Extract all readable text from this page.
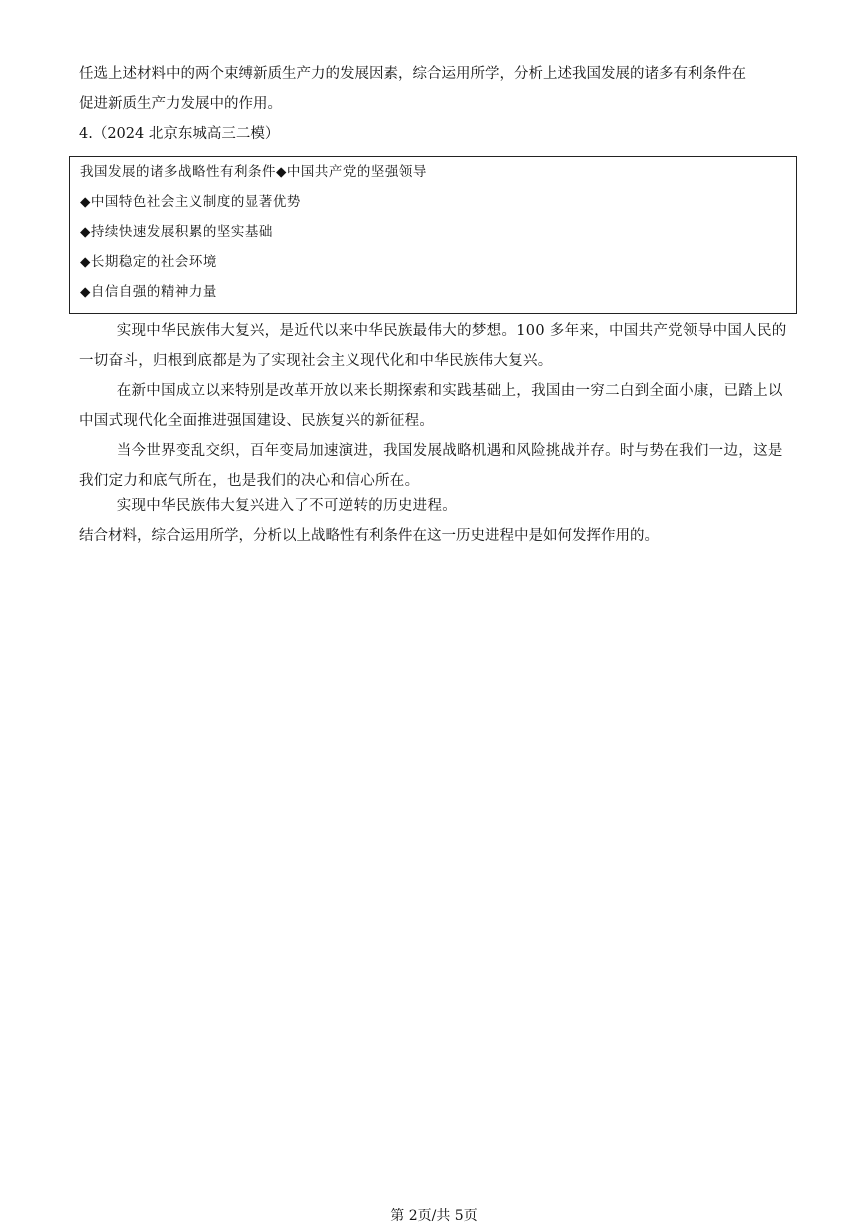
任选上述材料中的两个束缚新质生产力的发展因素，综合运用所学，分析上述我国发展的诸多有利条件在
促进新质生产力发展中的作用。
4.（2024 北京东城高三二模）
我国发展的诸多战略性有利条件◆中国共产党的坚强领导
◆中国特色社会主义制度的显著优势
◆持续快速发展积累的坚实基础
◆长期稳定的社会环境
◆自信自强的精神力量
实现中华民族伟大复兴，是近代以来中华民族最伟大的梦想。100 多年来，中国共产党领导中国人民的一切奋斗，归根到底都是为了实现社会主义现代化和中华民族伟大复兴。
在新中国成立以来特别是改革开放以来长期探索和实践基础上，我国由一穷二白到全面小康，已踏上以中国式现代化全面推进强国建设、民族复兴的新征程。
当今世界变乱交织，百年变局加速演进，我国发展战略机遇和风险挑战并存。时与势在我们一边，这是我们定力和底气所在，也是我们的决心和信心所在。
实现中华民族伟大复兴进入了不可逆转的历史进程。
结合材料，综合运用所学，分析以上战略性有利条件在这一历史进程中是如何发挥作用的。
第 2页/共 5页
